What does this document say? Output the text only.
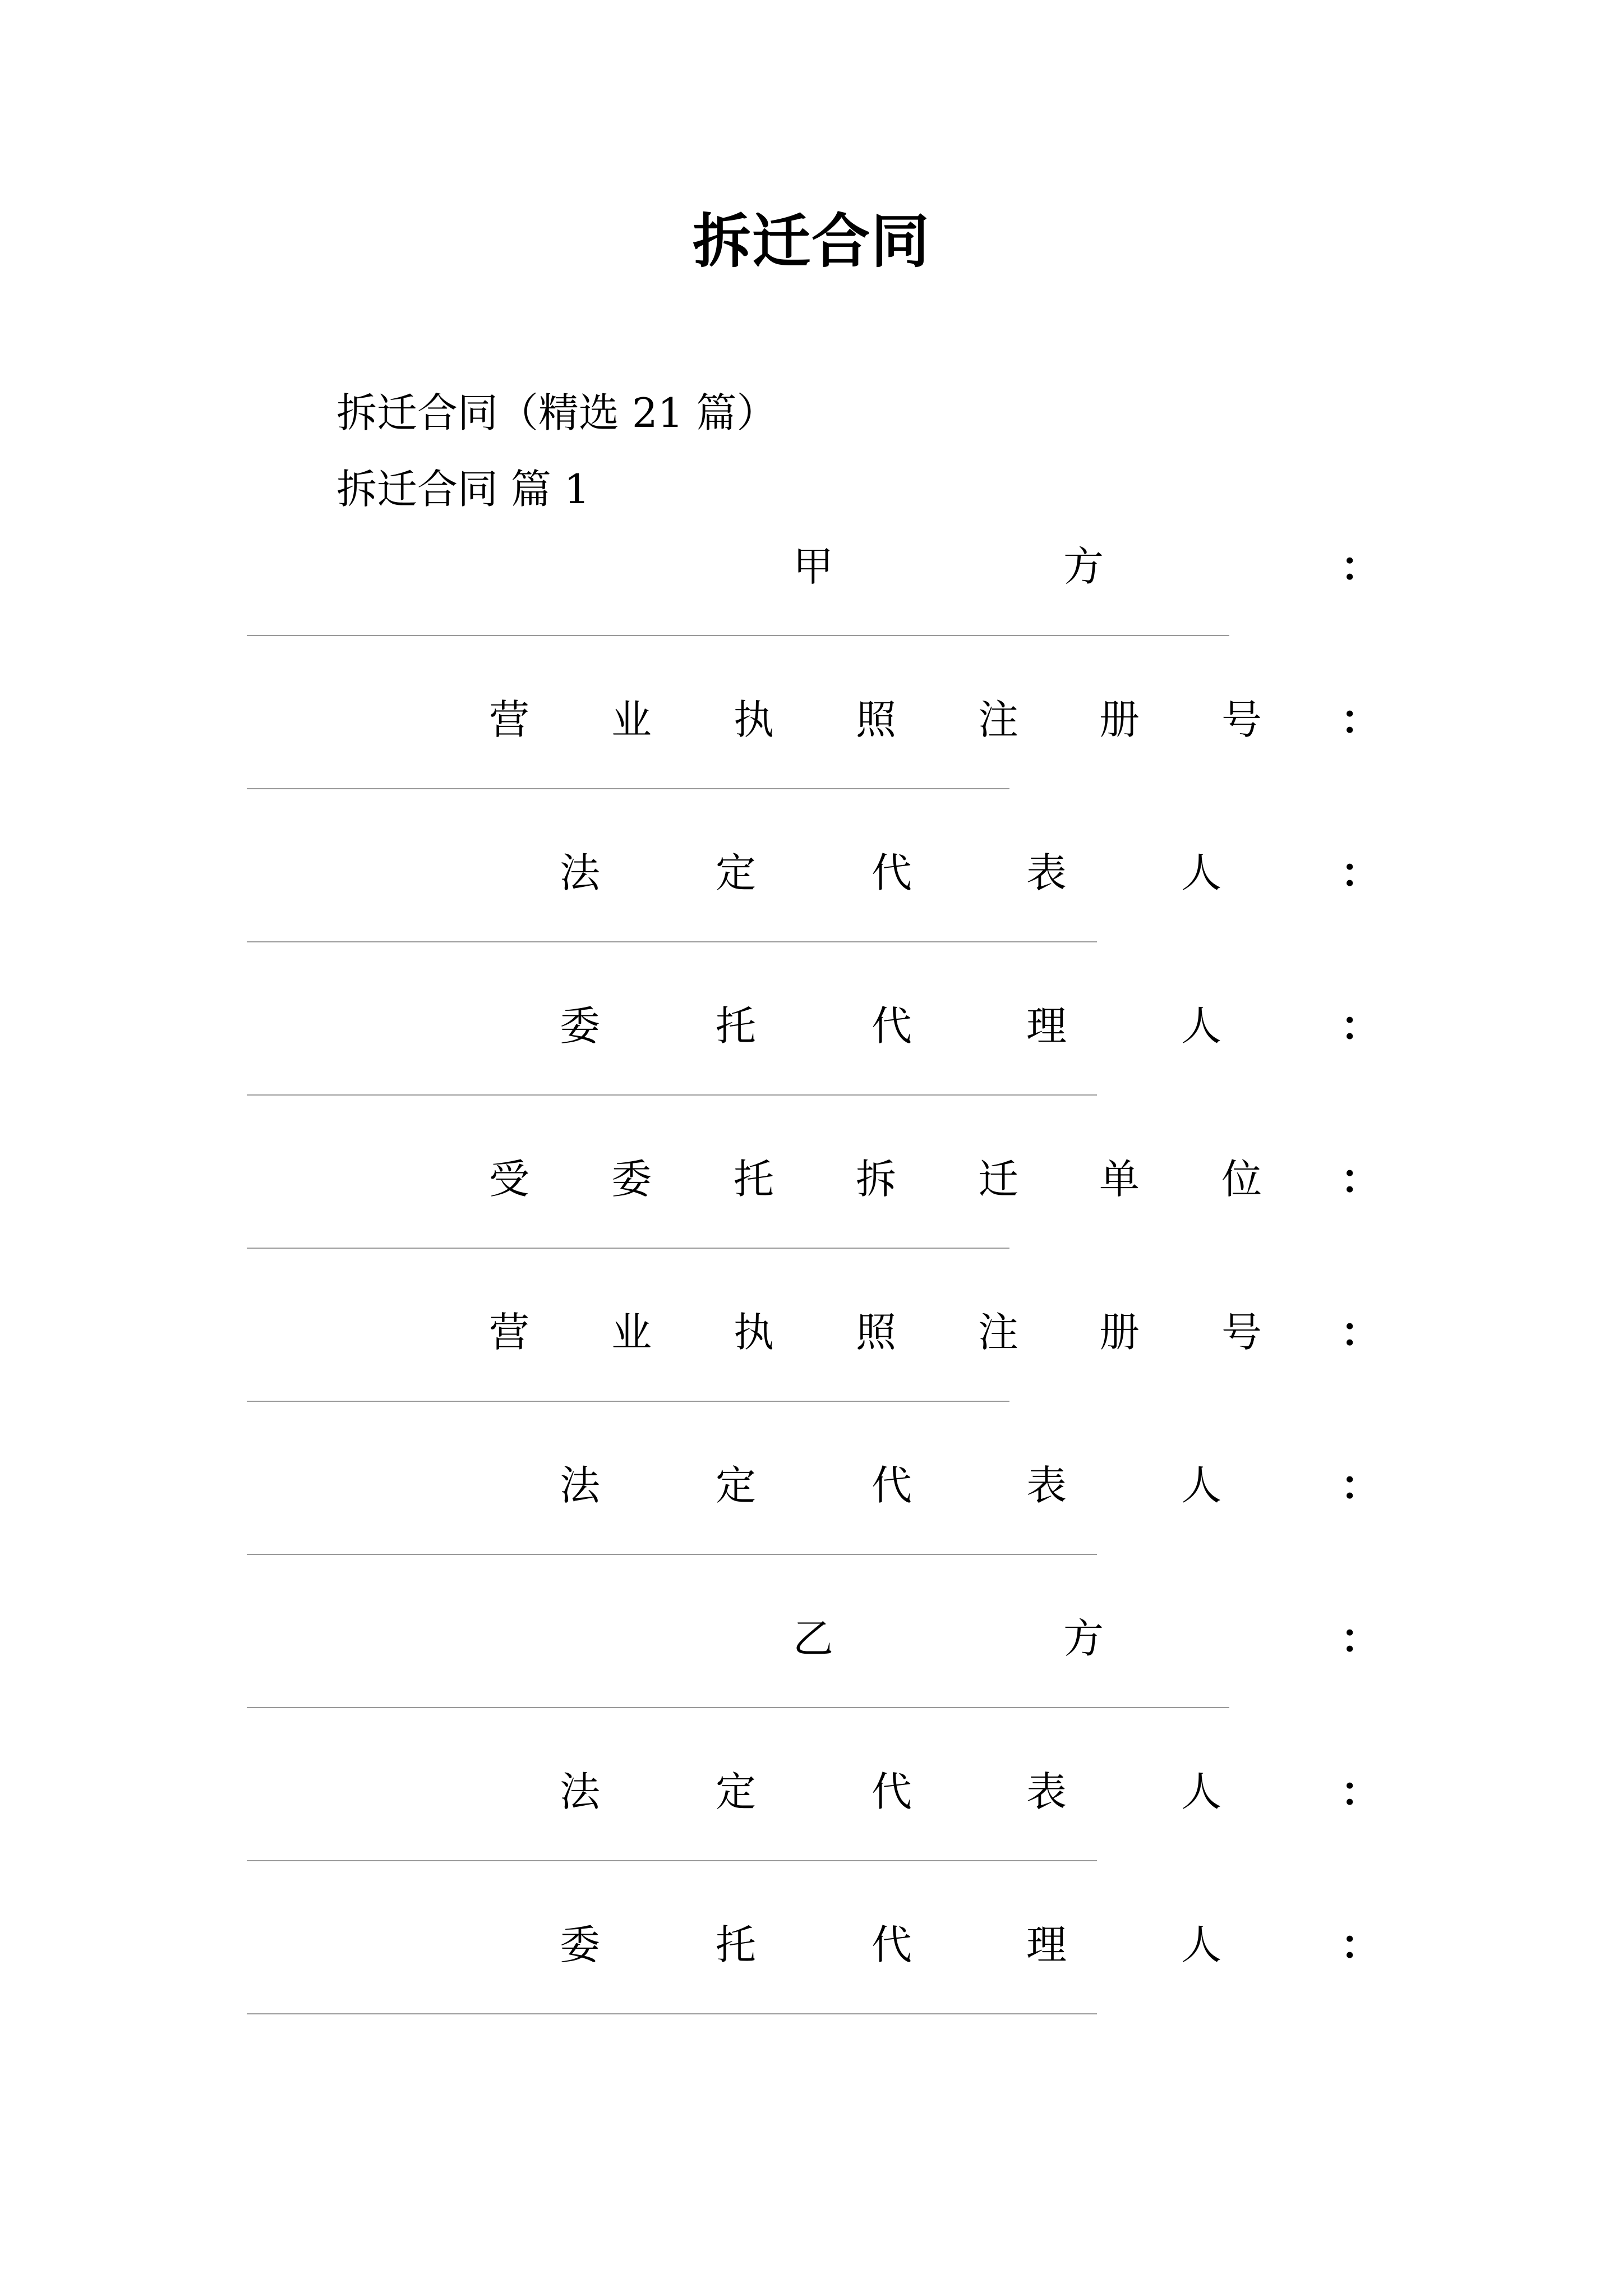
拆迁合同
拆迁合同（精选 21 篇）
拆迁合同 篇 1
甲	方	：
营 业 执 照 注 册 号 ：
法	定	代	表	人	：
委	托	代	理	人	：
受 委 托 拆 迁 单 位 ：
营 业 执 照 注 册 号 ：
法	定	代	表	人	：
乙	方	：
法	定	代	表	人	：
委	托	代	理	人	：
